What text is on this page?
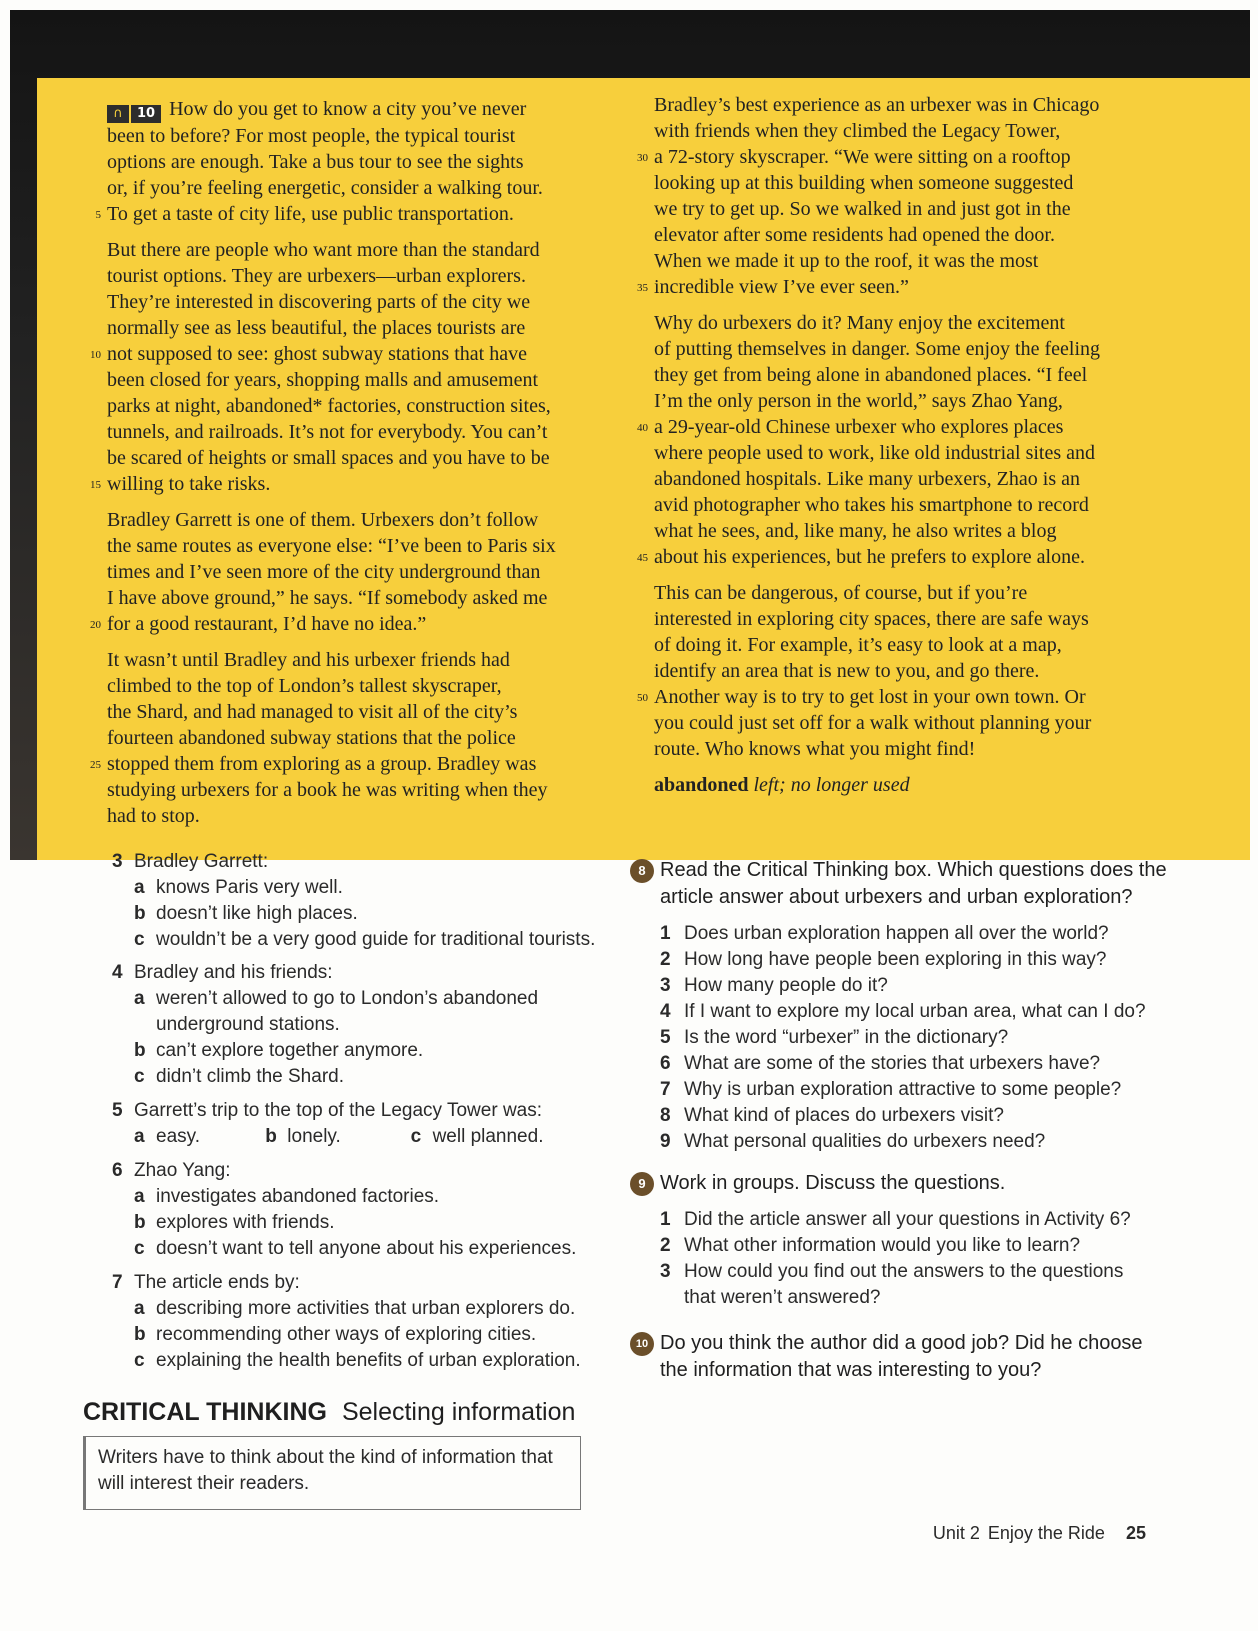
∩	10 How do you get to know a city you’ve never
been to before? For most people, the typical tourist
options are enough. Take a bus tour to see the sights
or, if you’re feeling energetic, consider a walking tour.
5 To get a taste of city life, use public transportation.
But there are people who want more than the standard
tourist options. They are urbexers—urban explorers.
They’re interested in discovering parts of the city we
normally see as less beautiful, the places tourists are
10 not supposed to see: ghost subway stations that have
been closed for years, shopping malls and amusement
parks at night, abandoned* factories, construction sites,
tunnels, and railroads. It’s not for everybody. You can’t
be scared of heights or small spaces and you have to be
15 willing to take risks.
Bradley Garrett is one of them. Urbexers don’t follow
the same routes as everyone else: “I’ve been to Paris six
times and I’ve seen more of the city underground than
I have above ground,” he says. “If somebody asked me
20 for a good restaurant, I’d have no idea.”
It wasn’t until Bradley and his urbexer friends had
climbed to the top of London’s tallest skyscraper,
the Shard, and had managed to visit all of the city’s
fourteen abandoned subway stations that the police
25 stopped them from exploring as a group. Bradley was
studying urbexers for a book he was writing when they
had to stop.
Bradley’s best experience as an urbexer was in Chicago
with friends when they climbed the Legacy Tower,
30 a 72-story skyscraper. “We were sitting on a rooftop
looking up at this building when someone suggested
we try to get up. So we walked in and just got in the
elevator after some residents had opened the door.
When we made it up to the roof, it was the most
35 incredible view I’ve ever seen.”
Why do urbexers do it? Many enjoy the excitement
of putting themselves in danger. Some enjoy the feeling
they get from being alone in abandoned places. “I feel
I’m the only person in the world,” says Zhao Yang,
40 a 29-year-old Chinese urbexer who explores places
where people used to work, like old industrial sites and
abandoned hospitals. Like many urbexers, Zhao is an
avid photographer who takes his smartphone to record
what he sees, and, like many, he also writes a blog
45 about his experiences, but he prefers to explore alone.
This can be dangerous, of course, but if you’re
interested in exploring city spaces, there are safe ways
of doing it. For example, it’s easy to look at a map,
identify an area that is new to you, and go there.
50 Another way is to try to get lost in your own town. Or
you could just set off for a walk without planning your
route. Who knows what you might find!
abandoned left; no longer used
3 Bradley Garrett:
a knows Paris very well.
b doesn’t like high places.
c wouldn’t be a very good guide for traditional tourists.
4 Bradley and his friends:
a weren’t allowed to go to London’s abandoned
underground stations.
b can’t explore together anymore.
c didn’t climb the Shard.
5 Garrett’s trip to the top of the Legacy Tower was:
a easy.	b lonely.	c well planned.
6 Zhao Yang:
a investigates abandoned factories.
b explores with friends.
c doesn’t want to tell anyone about his experiences.
7 The article ends by:
a describing more activities that urban explorers do.
b recommending other ways of exploring cities.
c explaining the health benefits of urban exploration.
CRITICAL THINKING Selecting information
Writers have to think about the kind of information that
will interest their readers.
8 Read the Critical Thinking box. Which questions does the
article answer about urbexers and urban exploration?
1 Does urban exploration happen all over the world?
2 How long have people been exploring in this way?
3 How many people do it?
4 If I want to explore my local urban area, what can I do?
5 Is the word “urbexer” in the dictionary?
6 What are some of the stories that urbexers have?
7 Why is urban exploration attractive to some people?
8 What kind of places do urbexers visit?
9 What personal qualities do urbexers need?
9 Work in groups. Discuss the questions.
1 Did the article answer all your questions in Activity 6?
2 What other information would you like to learn?
3 How could you find out the answers to the questions
that weren’t answered?
10 Do you think the author did a good job? Did he choose
the information that was interesting to you?
Unit 2 Enjoy the Ride 25
